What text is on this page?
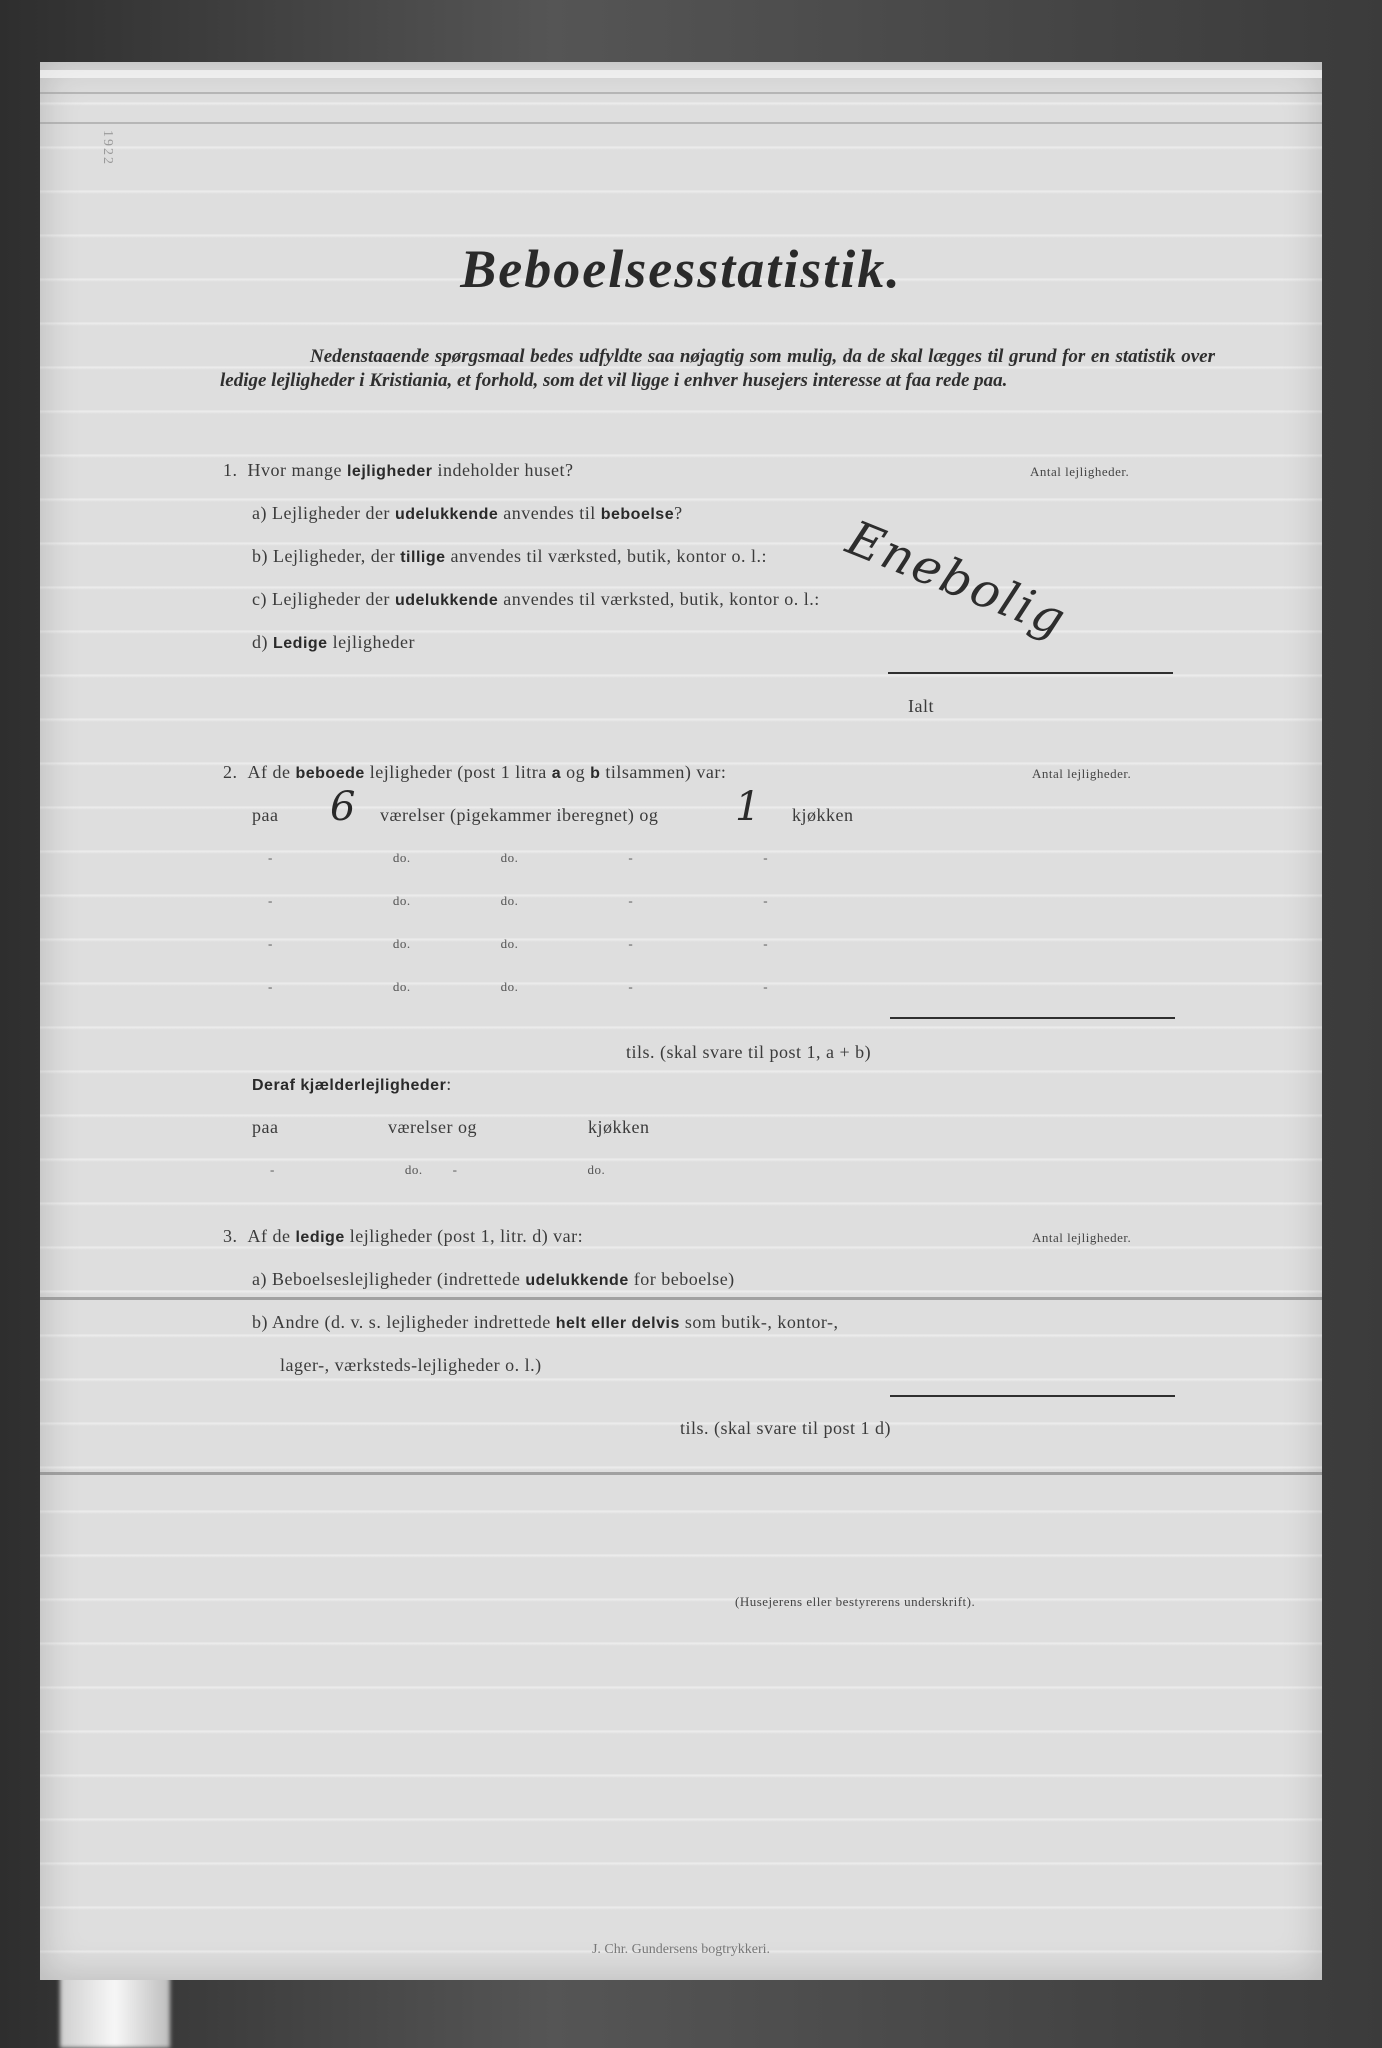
1922
Beboelsesstatistik.
Nedenstaaende spørgsmaal bedes udfyldte saa nøjagtig som mulig, da de skal lægges til grund for en statistik over ledige lejligheder i Kristiania, et forhold, som det vil ligge i enhver husejers interesse at faa rede paa.
1. Hvor mange lejligheder indeholder huset?	Antal lejligheder.
a) Lejligheder der udelukkende anvendes til beboelse?
b) Lejligheder, der tillige anvendes til værksted, butik, kontor o. l.:
c) Lejligheder der udelukkende anvendes til værksted, butik, kontor o. l.:
d) Ledige lejligheder
Ialt
Enebolig
2. Af de beboede lejligheder (post 1 litra a og b tilsammen) var:	Antal lejligheder.
paa 6 værelser (pigekammer iberegnet) og 1 kjøkken
-	do.	do.	-	-
-	do.	do.	-	-
-	do.	do.	-	-
-	do.	do.	-	-
tils. (skal svare til post 1, a + b)
Deraf kjælderlejligheder:
paa	værelser og	kjøkken
-	do. -	do.
3. Af de ledige lejligheder (post 1, litr. d) var:	Antal lejligheder.
a) Beboelseslejligheder (indrettede udelukkende for beboelse)
b) Andre (d. v. s. lejligheder indrettede helt eller delvis som butik-, kontor-,
lager-, værksteds-lejligheder o. l.)
tils. (skal svare til post 1 d)
(Husejerens eller bestyrerens underskrift).
J. Chr. Gundersens bogtrykkeri.
